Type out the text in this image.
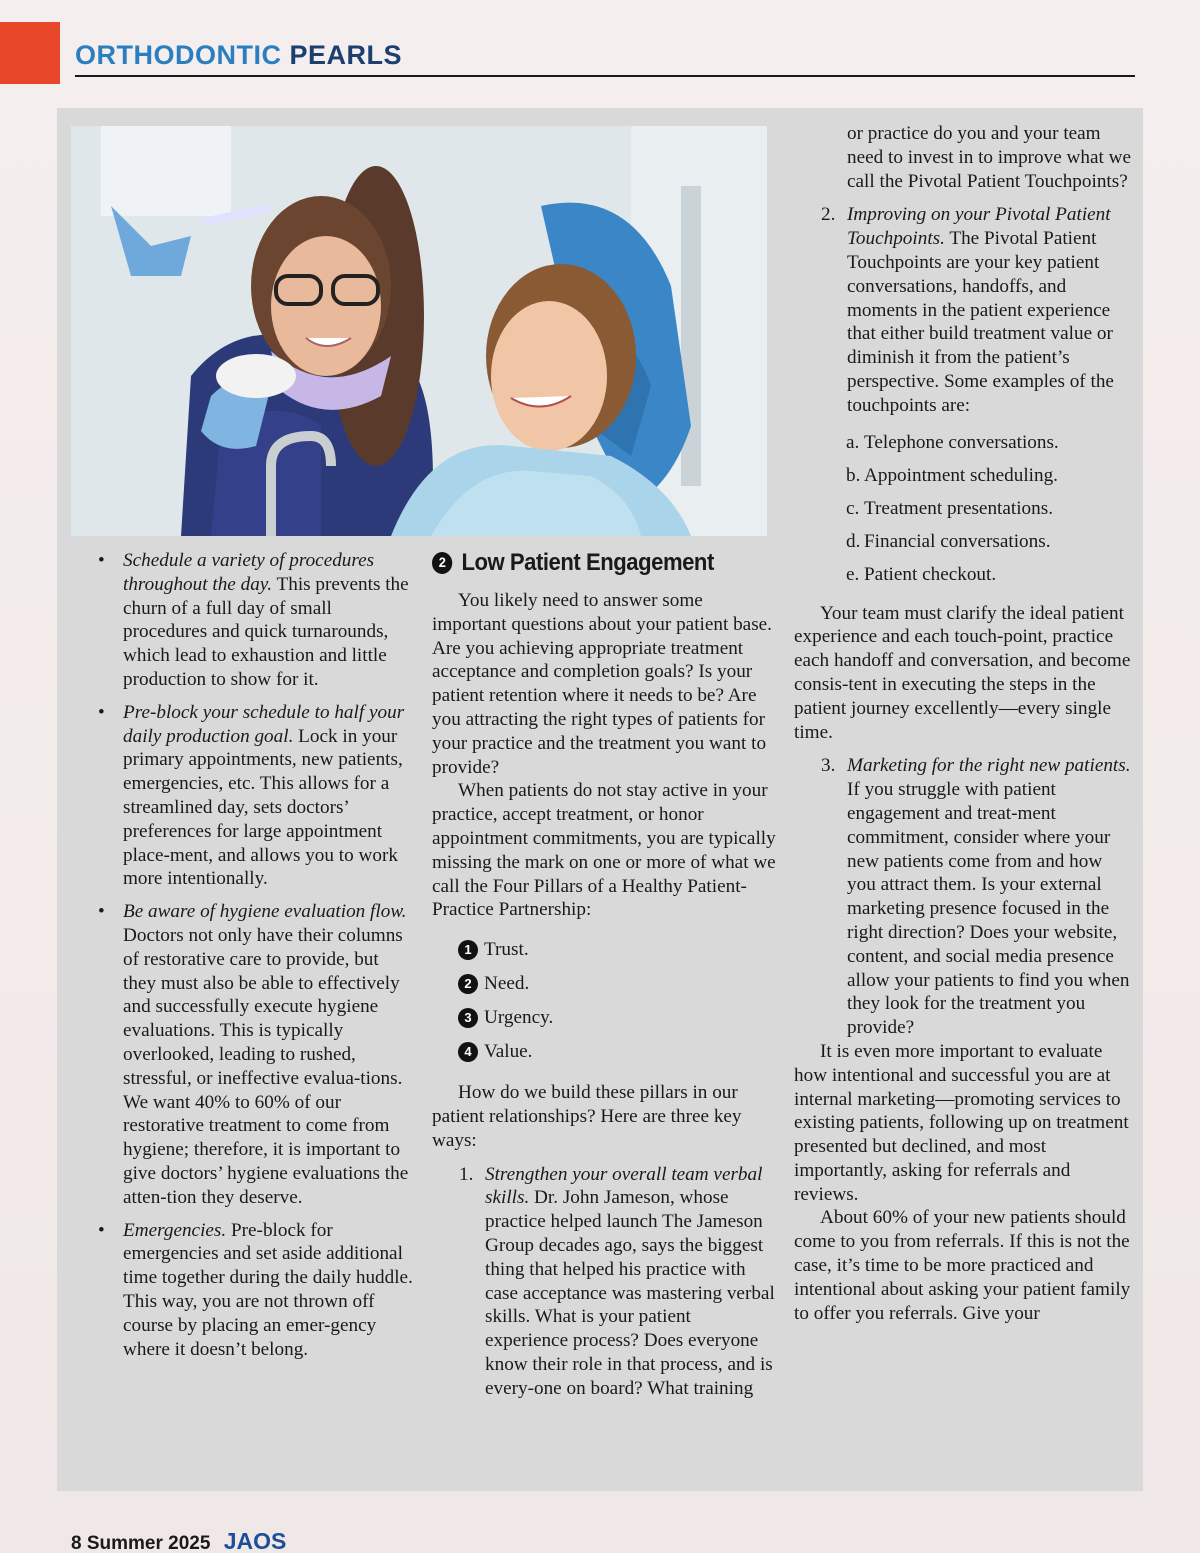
ORTHODONTIC PEARLS
• Schedule a variety of procedures throughout the day. This prevents the churn of a full day of small procedures and quick turnarounds, which lead to exhaustion and little production to show for it.
• Pre-block your schedule to half your daily production goal. Lock in your primary appointments, new patients, emergencies, etc. This allows for a streamlined day, sets doctors’ preferences for large appointment place-ment, and allows you to work more intentionally.
• Be aware of hygiene evaluation flow. Doctors not only have their columns of restorative care to provide, but they must also be able to effectively and successfully execute hygiene evaluations. This is typically overlooked, leading to rushed, stressful, or ineffective evalua-tions. We want 40% to 60% of our restorative treatment to come from hygiene; therefore, it is important to give doctors’ hygiene evaluations the atten-tion they deserve.
• Emergencies. Pre-block for emergencies and set aside additional time together during the daily huddle. This way, you are not thrown off course by placing an emer-gency where it doesn’t belong.
2 Low Patient Engagement

You likely need to answer some important questions about your patient base. Are you achieving appropriate treatment acceptance and completion goals? Is your patient retention where it needs to be? Are you attracting the right types of patients for your practice and the treatment you want to provide?

When patients do not stay active in your practice, accept treatment, or honor appointment commitments, you are typically missing the mark on one or more of what we call the Four Pillars of a Healthy Patient-Practice Partnership:

1 Trust.
2 Need.
3 Urgency.
4 Value.

How do we build these pillars in our patient relationships? Here are three key ways:

1. Strengthen your overall team verbal skills. Dr. John Jameson, whose practice helped launch The Jameson Group decades ago, says the biggest thing that helped his practice with case acceptance was mastering verbal skills. What is your patient experience process? Does everyone know their role in that process, and is every-one on board? What training

or practice do you and your team need to invest in to improve what we call the Pivotal Patient Touchpoints?

2. Improving on your Pivotal Patient Touchpoints. The Pivotal Patient Touchpoints are your key patient conversations, handoffs, and moments in the patient experience that either build treatment value or diminish it from the patient’s perspective. Some examples of the touchpoints are:
a. Telephone conversations.
b. Appointment scheduling.
c. Treatment presentations.
d. Financial conversations.
e. Patient checkout.

Your team must clarify the ideal patient experience and each touch-point, practice each handoff and conversation, and become consis-tent in executing the steps in the patient journey excellently—every single time.

3. Marketing for the right new patients. If you struggle with patient engagement and treat-ment commitment, consider where your new patients come from and how you attract them. Is your external marketing presence focused in the right direction? Does your website, content, and social media presence allow your patients to find you when they look for the treatment you provide?

It is even more important to evaluate how intentional and successful you are at internal marketing—promoting services to existing patients, following up on treatment presented but declined, and most importantly, asking for referrals and reviews.

About 60% of your new patients should come to you from referrals. If this is not the case, it’s time to be more practiced and intentional about asking your patient family to offer you referrals. Give your

8 Summer 2025 JAOS
